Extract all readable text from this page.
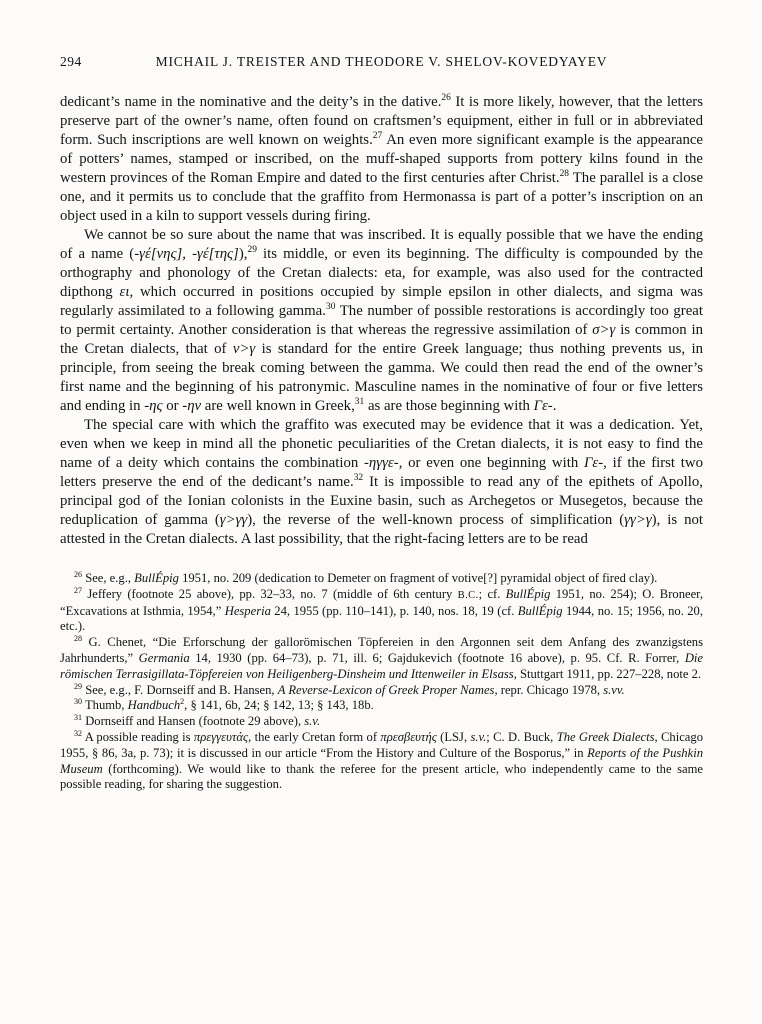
294	MICHAIL J. TREISTER AND THEODORE V. SHELOV-KOVEDYAYEV

dedicant’s name in the nominative and the deity’s in the dative.$^{26}$ It is more likely, however, that the letters preserve part of the owner’s name, often found on craftsmen’s equipment, either in full or in abbreviated form. Such inscriptions are well known on weights.$^{27}$ An even more significant example is the appearance of potters’ names, stamped or inscribed, on the muff-shaped supports from pottery kilns found in the western provinces of the Roman Empire and dated to the first centuries after Christ.$^{28}$ The parallel is a close one, and it permits us to conclude that the graffito from Hermonassa is part of a potter’s inscription on an object used in a kiln to support vessels during firing.

We cannot be so sure about the name that was inscribed. It is equally possible that we have the ending of a name (-γέ[νης], -γέ[της]),$^{29}$ its middle, or even its beginning. The difficulty is compounded by the orthography and phonology of the Cretan dialects: eta, for example, was also used for the contracted dipthong ει, which occurred in positions occupied by simple epsilon in other dialects, and sigma was regularly assimilated to a following gamma.$^{30}$ The number of possible restorations is accordingly too great to permit certainty. Another consideration is that whereas the regressive assimilation of σ>γ is common in the Cretan dialects, that of ν>γ is standard for the entire Greek language; thus nothing prevents us, in principle, from seeing the break coming between the gamma. We could then read the end of the owner’s first name and the beginning of his patronymic. Masculine names in the nominative of four or five letters and ending in -ης or -ην are well known in Greek,$^{31}$ as are those beginning with Γε-.

The special care with which the graffito was executed may be evidence that it was a dedication. Yet, even when we keep in mind all the phonetic peculiarities of the Cretan dialects, it is not easy to find the name of a deity which contains the combination -ηγγε-, or even one beginning with Γε-, if the first two letters preserve the end of the dedicant’s name.$^{32}$ It is impossible to read any of the epithets of Apollo, principal god of the Ionian colonists in the Euxine basin, such as Archegetos or Musegetos, because the reduplication of gamma (γ>γγ), the reverse of the well-known process of simplification (γγ>γ), is not attested in the Cretan dialects. A last possibility, that the right-facing letters are to be read

$^{26}$ See, e.g., BullÉpig 1951, no. 209 (dedication to Demeter on fragment of votive[?] pyramidal object of fired clay).

$^{27}$ Jeffery (footnote 25 above), pp. 32–33, no. 7 (middle of 6th century B.C.; cf. BullÉpig 1951, no. 254); O. Broneer, “Excavations at Isthmia, 1954,” Hesperia 24, 1955 (pp. 110–141), p. 140, nos. 18, 19 (cf. BullÉpig 1944, no. 15; 1956, no. 20, etc.).

$^{28}$ G. Chenet, “Die Erforschung der gallorömischen Töpfereien in den Argonnen seit dem Anfang des zwanzigstens Jahrhunderts,” Germania 14, 1930 (pp. 64–73), p. 71, ill. 6; Gajdukevich (footnote 16 above), p. 95. Cf. R. Forrer, Die römischen Terrasigillata-Töpfereien von Heiligenberg-Dinsheim und Ittenweiler in Elsass, Stuttgart 1911, pp. 227–228, note 2.

$^{29}$ See, e.g., F. Dornseiff and B. Hansen, A Reverse-Lexicon of Greek Proper Names, repr. Chicago 1978, s.vv.

$^{30}$ Thumb, Handbuch$^2$, § 141, 6b, 24; § 142, 13; § 143, 18b.

$^{31}$ Dornseiff and Hansen (footnote 29 above), s.v.

$^{32}$ A possible reading is πρεγγευτάς, the early Cretan form of πρεσβευτής (LSJ, s.v.; C. D. Buck, The Greek Dialects, Chicago 1955, § 86, 3a, p. 73); it is discussed in our article “From the History and Culture of the Bosporus,” in Reports of the Pushkin Museum (forthcoming). We would like to thank the referee for the present article, who independently came to the same possible reading, for sharing the suggestion.
